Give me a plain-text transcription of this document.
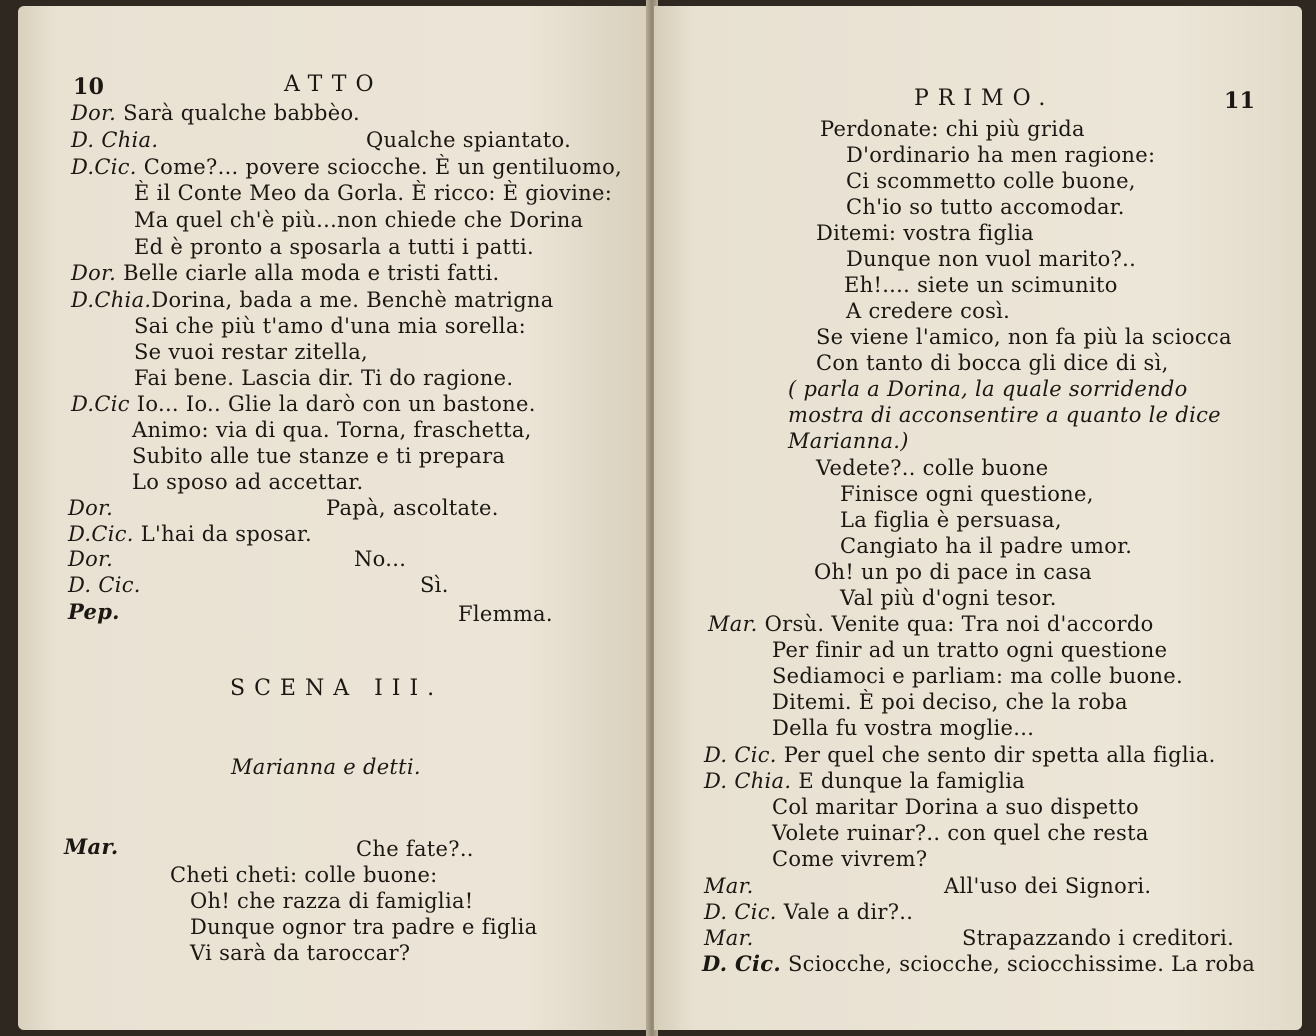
10	ATTO
Dor. Sarà qualche babbèo.
D. Chia.	Qualche spiantato.
D.Cic. Come?... povere sciocche. È un gentiluomo,
È il Conte Meo da Gorla. È ricco: È giovine:
Ma quel ch'è più...non chiede che Dorina
Ed è pronto a sposarla a tutti i patti.
Dor. Belle ciarle alla moda e tristi fatti.
D.Chia.Dorina, bada a me. Benchè matrigna
Sai che più t'amo d'una mia sorella:
Se vuoi restar zitella,
Fai bene. Lascia dir. Ti do ragione.
D.Cic Io... Io.. Glie la darò con un bastone.
Animo: via di qua. Torna, fraschetta,
Subito alle tue stanze e ti prepara
Lo sposo ad accettar.
Dor.	Papà, ascoltate.
D.Cic. L'hai da sposar.
Dor.	No...
D. Cic.	Sì.
Pep.	Flemma.
SCENA III.
Marianna e detti.
Mar.	Che fate?..
Cheti cheti: colle buone:
Oh! che razza di famiglia!
Dunque ognor tra padre e figlia
Vi sarà da taroccar?
PRIMO.	11
Perdonate: chi più grida
D'ordinario ha men ragione:
Ci scommetto colle buone,
Ch'io so tutto accomodar.
Ditemi: vostra figlia
Dunque non vuol marito?..
Eh!.... siete un scimunito
A credere così.
Se viene l'amico, non fa più la sciocca
Con tanto di bocca gli dice di sì,
( parla a Dorina, la quale sorridendo
mostra di acconsentire a quanto le dice
Marianna.)
Vedete?.. colle buone
Finisce ogni questione,
La figlia è persuasa,
Cangiato ha il padre umor.
Oh! un po di pace in casa
Val più d'ogni tesor.
Mar. Orsù. Venite qua: Tra noi d'accordo
Per finir ad un tratto ogni questione
Sediamoci e parliam: ma colle buone.
Ditemi. È poi deciso, che la roba
Della fu vostra moglie...
D. Cic. Per quel che sento dir spetta alla figlia.
D. Chia. E dunque la famiglia
Col maritar Dorina a suo dispetto
Volete ruinar?.. con quel che resta
Come vivrem?
Mar.	All'uso dei Signori.
D. Cic. Vale a dir?..
Mar.	Strapazzando i creditori.
D. Cic. Sciocche, sciocche, sciocchissime. La roba
